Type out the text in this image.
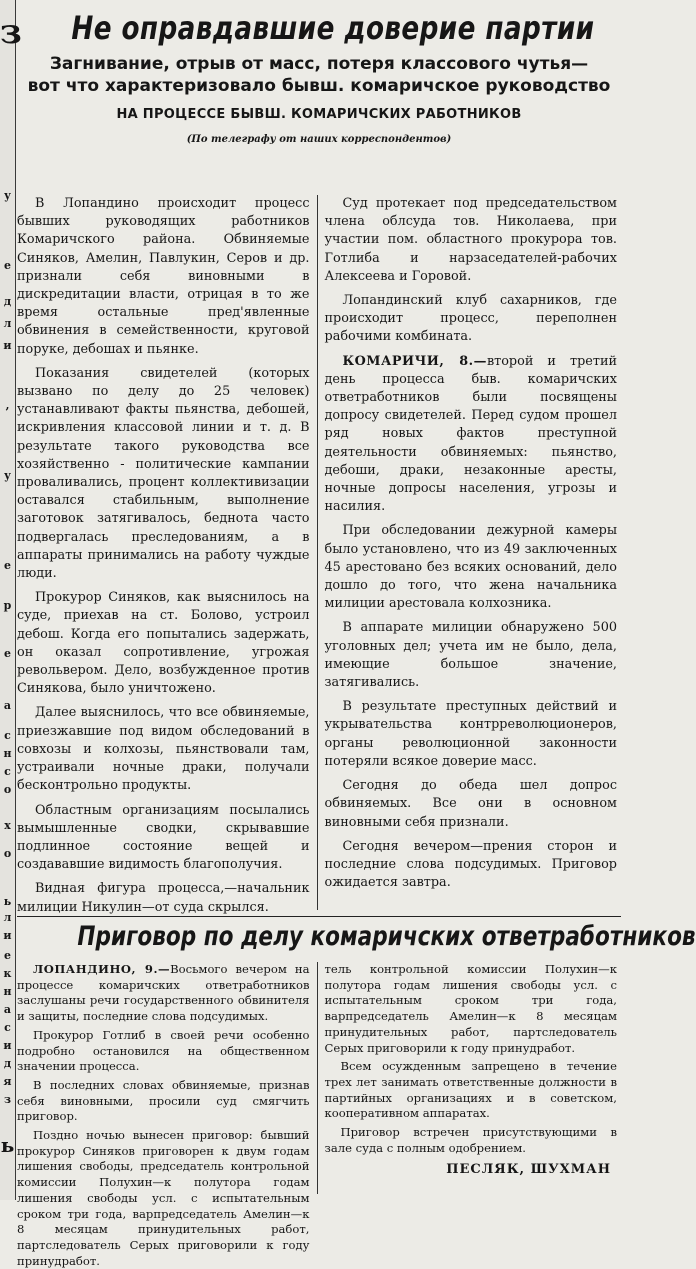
з
у
е
д
л
и
,
у
е
р
е
а
с
н
с
о
х
о
ь
л
и
е
к
н
а
с
и
д
я
з
ь
Не оправдавшие доверие партии
Загнивание, отрыв от масс, потеря классового чутья—
вот что характеризовало бывш. комаричское руководство
НА ПРОЦЕССЕ БЫВШ. КОМАРИЧСКИХ РАБОТНИКОВ
(По телеграфу от наших корреспондентов)

В Лопандино происходит процесс бывших руководящих работников Комаричского района. Обвиняемые Синяков, Амелин, Павлукин, Серов и др. признали себя виновными в дискредитации власти, отрицая в то же время остальные пред'явленные обвинения в семейственности, круговой поруке, дебошах и пьянке.

Показания свидетелей (которых вызвано по делу до 25 человек) устанавливают факты пьянства, дебошей, искривления классовой линии и т. д. В результате такого руководства все хозяйственно - политические кампании проваливались, процент коллективизации оставался стабильным, выполнение заготовок затягивалось, беднота часто подвергалась преследованиям, а в аппараты принимались на работу чуждые люди.

Прокурор Синяков, как выяснилось на суде, приехав на ст. Болово, устроил дебош. Когда его попытались задержать, он оказал сопротивление, угрожая револьвером. Дело, возбужденное против Синякова, было уничтожено.

Далее выяснилось, что все обвиняемые, приезжавшие под видом обследований в совхозы и колхозы, пьянствовали там, устраивали ночные драки, получали бесконтрольно продукты.

Областным организациям посылались вымышленные сводки, скрывавшие подлинное состояние вещей и создававшие видимость благополучия.

Видная фигура процесса,—начальник милиции Никулин—от суда скрылся.

Суд протекает под председательством члена облсуда тов. Николаева, при участии пом. областного прокурора тов. Готлиба и нарзаседателей-рабочих Алексеева и Горовой.

Лопандинский клуб сахарников, где происходит процесс, переполнен рабочими комбината.

КОМАРИЧИ, 8.—второй и третий день процесса быв. комаричских ответработников были посвящены допросу свидетелей. Перед судом прошел ряд новых фактов преступной деятельности обвиняемых: пьянство, дебоши, драки, незаконные аресты, ночные допросы населения, угрозы и насилия.

При обследовании дежурной камеры было установлено, что из 49 заключенных 45 арестовано без всяких оснований, дело дошло до того, что жена начальника милиции арестовала колхозника.

В аппарате милиции обнаружено 500 уголовных дел; учета им не было, дела, имеющие большое значение, затягивались.

В результате преступных действий и укрывательства контрреволюционеров, органы революционной законности потеряли всякое доверие масс.

Сегодня до обеда шел допрос обвиняемых. Все они в основном виновными себя признали.

Сегодня вечером—прения сторон и последние слова подсудимых. Приговор ожидается завтра.

Приговор по делу комаричских ответработников

ЛОПАНДИНО, 9.—Восьмого вечером на процессе комаричских ответработников заслушаны речи государственного обвинителя и защиты, последние слова подсудимых.

Прокурор Готлиб в своей речи особенно подробно остановился на общественном значении процесса.

В последних словах обвиняемые, признав себя виновными, просили суд смягчить приговор.

Поздно ночью вынесен приговор: бывший прокурор Синяков приговорен к двум годам лишения свободы, председатель контрольной комиссии Полухин—к полутора годам лишения свободы усл. с испытательным сроком три года, варпредседатель Амелин—к 8 месяцам принудительных работ, партследователь Серых приговорили к году принудработ.

тель контрольной комиссии Полухин—к полутора годам лишения свободы усл. с испытательным сроком три года, варпредседатель Амелин—к 8 месяцам принудительных работ, партследователь Серых приговорили к году принудработ.

Всем осужденным запрещено в течение трех лет занимать ответственные должности в партийных организациях и в советском, кооперативном аппаратах.

Приговор встречен присутствующими в зале суда с полным одобрением.

ПЕСЛЯК, ШУХМАН
